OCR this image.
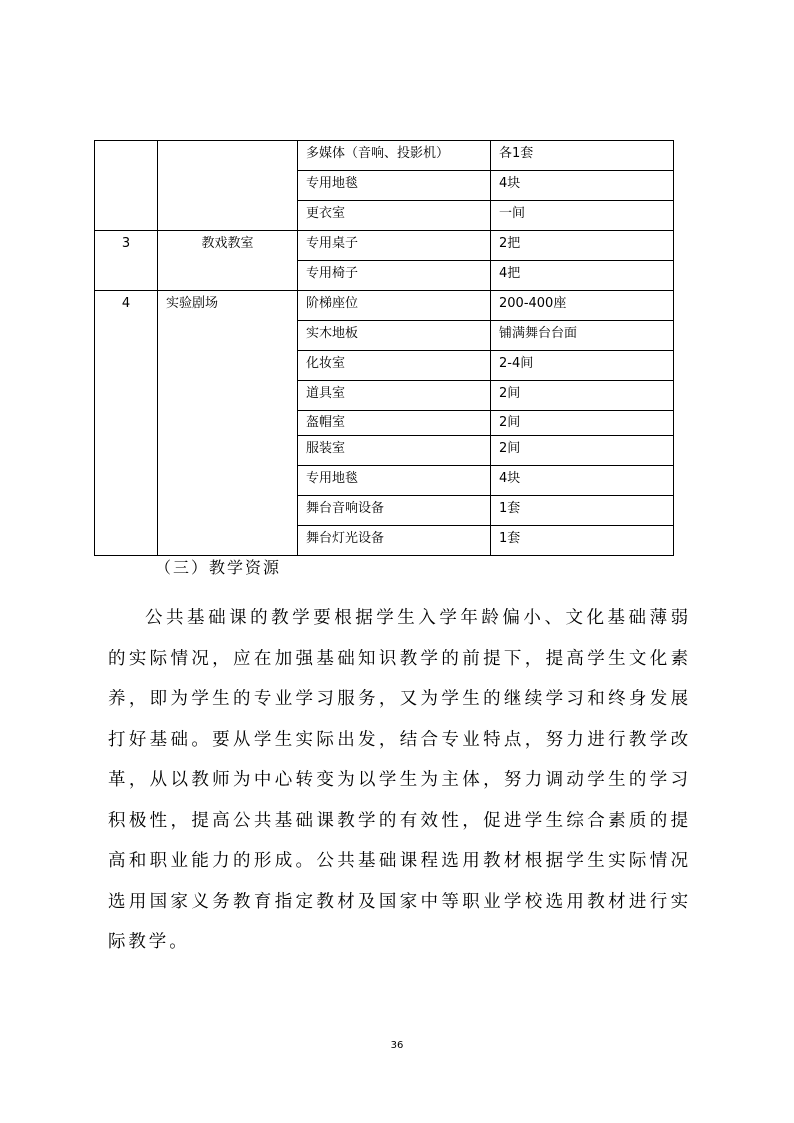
		多媒体（音响、投影机）	各1套
		专用地毯	4块
		更衣室	一间
3	教戏教室	专用桌子	2把
		专用椅子	4把
4	实验剧场	阶梯座位	200-400座
		实木地板	铺满舞台台面
		化妆室	2-4间
		道具室	2间
		盔帽室	2间
		服装室	2间
		专用地毯	4块
		舞台音响设备	1套
		舞台灯光设备	1套
（三）教学资源

公共基础课的教学要根据学生入学年龄偏小、文化基础薄弱的实际情况，应在加强基础知识教学的前提下，提高学生文化素养，即为学生的专业学习服务，又为学生的继续学习和终身发展打好基础。要从学生实际出发，结合专业特点，努力进行教学改革，从以教师为中心转变为以学生为主体，努力调动学生的学习积极性，提高公共基础课教学的有效性，促进学生综合素质的提高和职业能力的形成。公共基础课程选用教材根据学生实际情况选用国家义务教育指定教材及国家中等职业学校选用教材进行实际教学。

36
